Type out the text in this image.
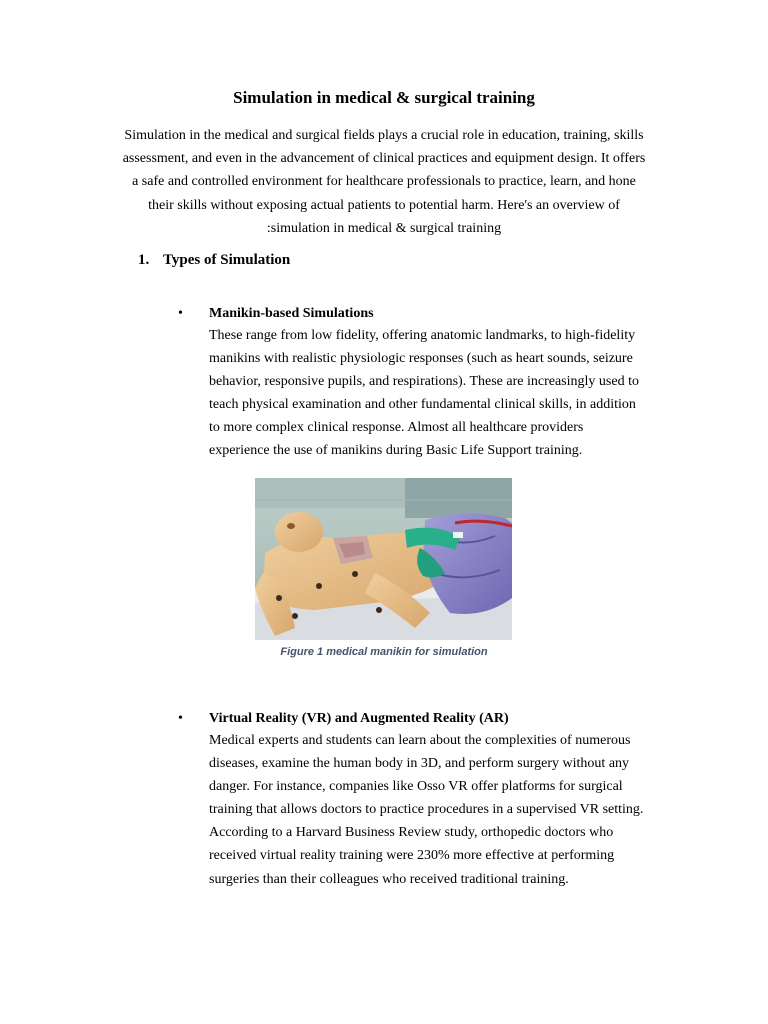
Simulation in medical & surgical training
Simulation in the medical and surgical fields plays a crucial role in education, training, skills
assessment, and even in the advancement of clinical practices and equipment design. It offers
a safe and controlled environment for healthcare professionals to practice, learn, and hone
their skills without exposing actual patients to potential harm. Here's an overview of
:simulation in medical & surgical training
1. Types of Simulation
• Manikin-based Simulations
These range from low fidelity, offering anatomic landmarks, to high-fidelity
manikins with realistic physiologic responses (such as heart sounds, seizure
behavior, responsive pupils, and respirations). These are increasingly used to
teach physical examination and other fundamental clinical skills, in addition
to more complex clinical response. Almost all healthcare providers
experience the use of manikins during Basic Life Support training.
Figure 1 medical manikin for simulation
• Virtual Reality (VR) and Augmented Reality (AR)
Medical experts and students can learn about the complexities of numerous
diseases, examine the human body in 3D, and perform surgery without any
danger. For instance, companies like Osso VR offer platforms for surgical
training that allows doctors to practice procedures in a supervised VR setting.
According to a Harvard Business Review study, orthopedic doctors who
received virtual reality training were 230% more effective at performing
surgeries than their colleagues who received traditional training.
